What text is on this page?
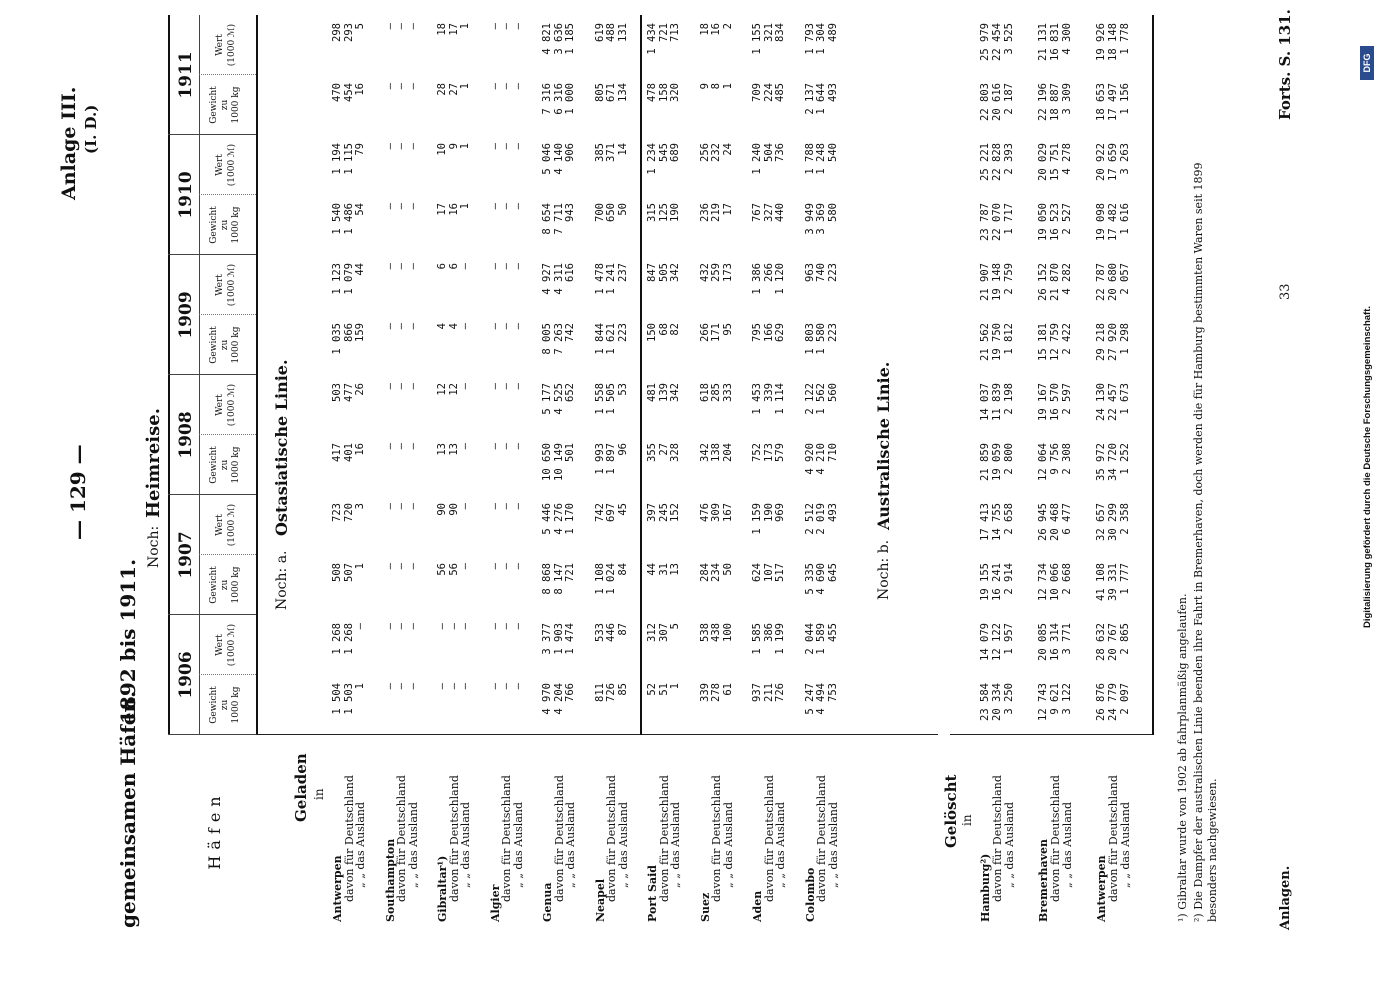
— 129 —
gemeinsamen Häfen.
1892 bis 1911.
Anlage III. (I. D.)
Noch:
Heimreise.
Häfen
Geladen in
Noch: a.
Ostasiatische Linie.
Noch: b.
Australische Linie.
Gelöscht in	¹) Gibraltar wurde von 1902 ab fahrplanmäßig angelaufen. ²) Die Dampfer der australischen Linie beenden ihre Fahrt in Bremerhaven, doch werden die für Hamburg bestimmten Waren seit 1899 besonders nachgewiesen.	Anlagen.
33
Forts. S. 131.
Digitalisierung gefördert durch die Deutsche Forschungsgemeinschaft.
DFG
1906
Gewicht zu 1000 kg
Wert (1000 ℳ)
1907
Gewicht zu 1000 kg
Wert (1000 ℳ)
1908
Gewicht zu 1000 kg
Wert (1000 ℳ)
1909
Gewicht zu 1000 kg
Wert (1000 ℳ)
1910
Gewicht zu 1000 kg
Wert (1000 ℳ)
1911
Gewicht zu 1000 kg
Wert (1000 ℳ)
Antwerpen
1 504
1 268
508
723
417
503
1 035
1 123
1 540
1 194
470
298
davon für Deutschland
1 503
1 268
507
720
401
477
866
1 079
1 486
1 115
454
293
„ „ das Ausland
1
—
1
3
16
26
159
44
54
79
16
5
Southampton
—
—
—
—
—
—
—
—
—
—
—
—
davon für Deutschland
—
—
—
—
—
—
—
—
—
—
—
—
„ „ das Ausland
—
—
—
—
—
—
—
—
—
—
—
—
Gibraltar¹)
—
—
56
90
13
12
4
6
17
10
28
18
davon für Deutschland
—
—
56
90
13
12
4
6
16
9
27
17
„ „ das Ausland
—
—
—
—
—
—
—
—
1
1
1
1
Algier
—
—
—
—
—
—
—
—
—
—
—
—
davon für Deutschland
—
—
—
—
—
—
—
—
—
—
—
—
„ „ das Ausland
—
—
—
—
—
—
—
—
—
—
—
—
Genua
4 970
3 377
8 868
5 446
10 650
5 177
8 005
4 927
8 654
5 046
7 316
4 821
davon für Deutschland
4 204
1 903
8 147
4 276
10 149
4 525
7 263
4 311
7 711
4 140
6 316
3 636
„ „ das Ausland
766
1 474
721
1 170
501
652
742
616
943
906
1 000
1 185
Neapel
811
533
1 108
742
1 993
1 558
1 844
1 478
700
385
805
619
davon für Deutschland
726
446
1 024
697
1 897
1 505
1 621
1 241
650
371
671
488
„ „ das Ausland
85
87
84
45
96
53
223
237
50
14
134
131
Port Said
52
312
44
397
355
481
150
847
315
1 234
478
1 434
davon für Deutschland
51
307
31
245
27
139
68
505
125
545
158
721
„ „ das Ausland
1
5
13
152
328
342
82
342
190
689
320
713
Suez
339
538
284
476
342
618
266
432
236
256
9
18
davon für Deutschland
278
438
234
309
138
285
171
259
219
232
8
16
„ „ das Ausland
61
100
50
167
204
333
95
173
17
24
1
2
Aden
937
1 585
624
1 159
752
1 453
795
1 386
767
1 240
709
1 155
davon für Deutschland
211
386
107
190
173
339
166
266
327
504
224
321
„ „ das Ausland
726
1 199
517
969
579
1 114
629
1 120
440
736
485
834
Colombo
5 247
2 044
5 335
2 512
4 920
2 122
1 803
963
3 949
1 788
2 137
1 793
davon für Deutschland
4 494
1 589
4 690
2 019
4 210
1 562
1 580
740
3 369
1 248
1 644
1 304
„ „ das Ausland
753
455
645
493
710
560
223
223
580
540
493
489
Hamburg²)
23 584
14 079
19 155
17 413
21 859
14 037
21 562
21 907
23 787
25 221
22 803
25 979
davon für Deutschland
20 334
12 122
16 241
14 755
19 059
11 839
19 750
19 148
22 070
22 828
20 616
22 454
„ „ das Ausland
3 250
1 957
2 914
2 658
2 800
2 198
1 812
2 759
1 717
2 393
2 187
3 525
Bremerhaven
12 743
20 085
12 734
26 945
12 064
19 167
15 181
26 152
19 050
20 029
22 196
21 131
davon für Deutschland
9 621
16 314
10 066
20 468
9 756
16 570
12 759
21 870
16 523
15 751
18 887
16 831
„ „ das Ausland
3 122
3 771
2 668
6 477
2 308
2 597
2 422
4 282
2 527
4 278
3 309
4 300
Antwerpen
26 876
28 632
41 108
32 657
35 972
24 130
29 218
22 787
19 098
20 922
18 653
19 926
davon für Deutschland
24 779
20 767
39 331
30 299
34 720
22 457
27 920
20 680
17 482
17 659
17 497
18 148
„ „ das Ausland
2 097
2 865
1 777
2 358
1 252
1 673
1 298
2 057
1 616
3 263
1 156
1 778
